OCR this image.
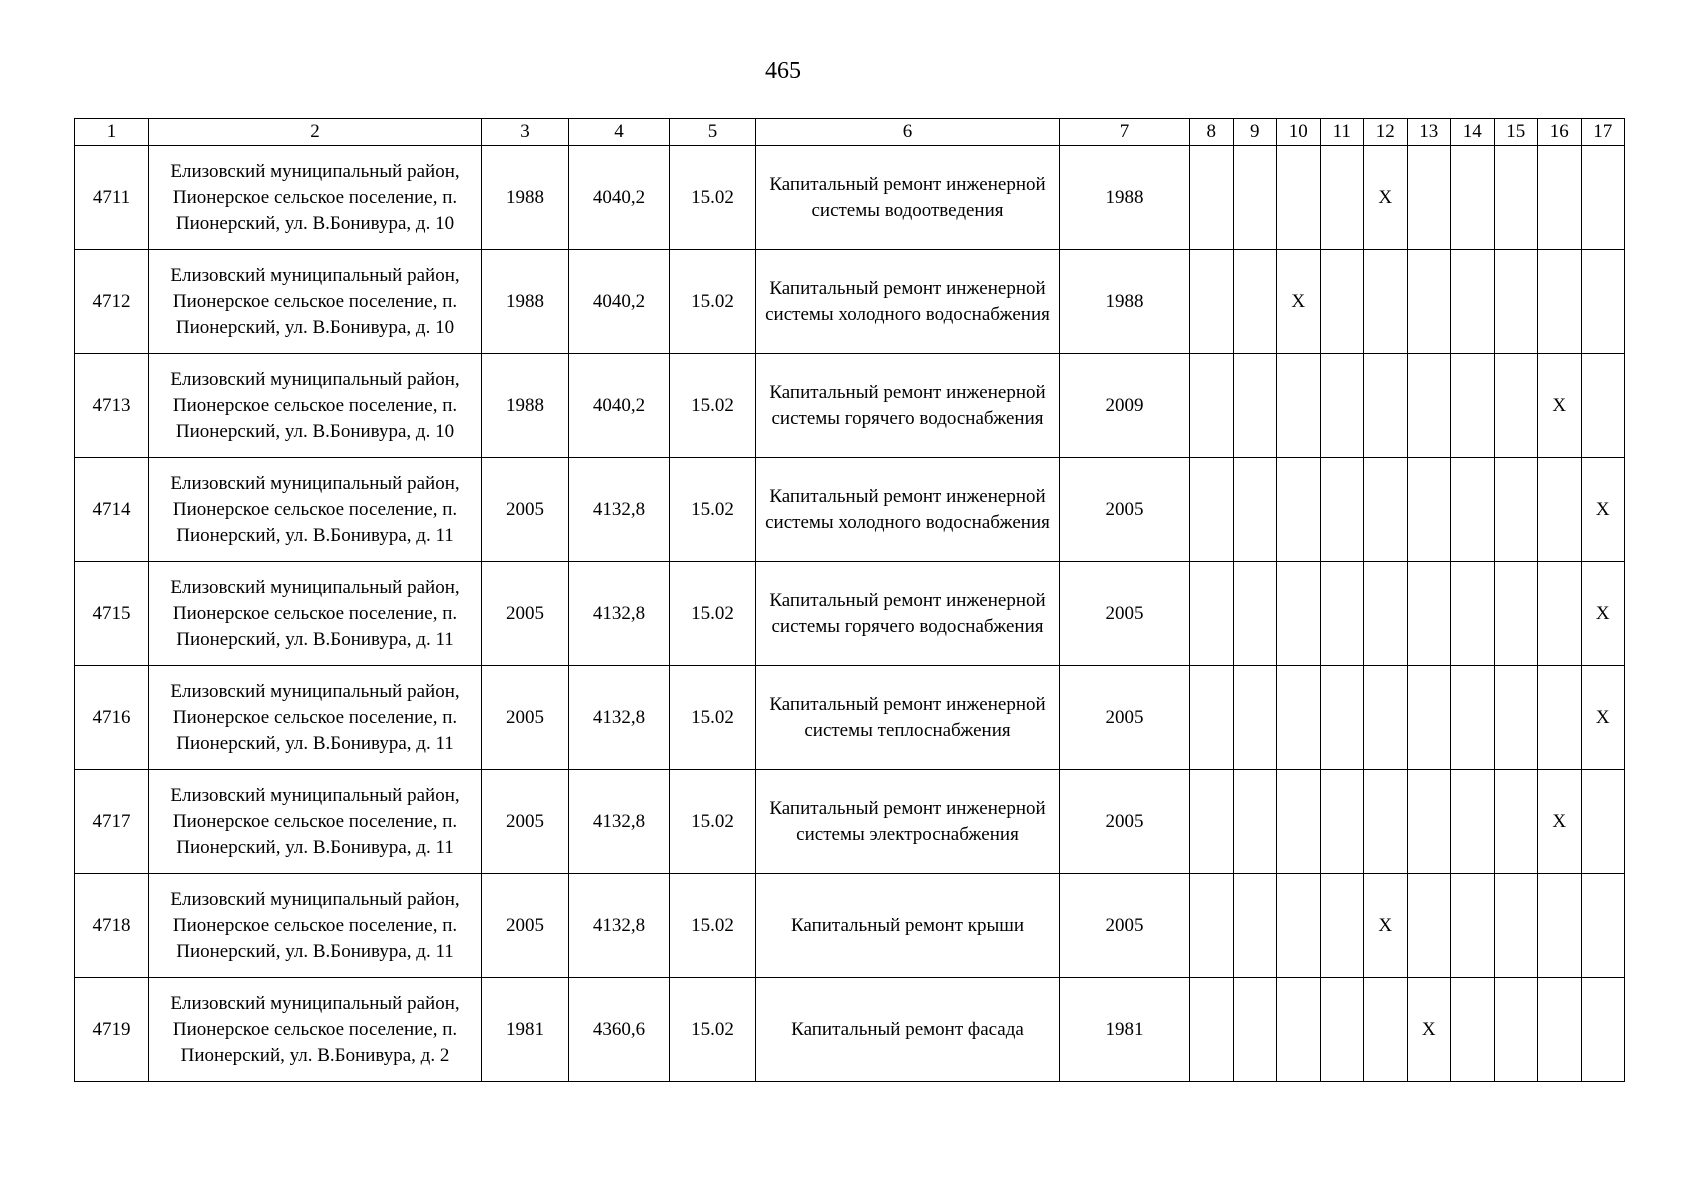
465
1	2	3	4	5	6	7	8	9	10	11	12	13	14	15	16	17
4711	Елизовский муниципальный район, Пионерское сельское поселение, п. Пионерский, ул. В.Бонивура, д. 10	1988	4040,2	15.02	Капитальный ремонт инженерной системы водоотведения	1988					X					
4712	Елизовский муниципальный район, Пионерское сельское поселение, п. Пионерский, ул. В.Бонивура, д. 10	1988	4040,2	15.02	Капитальный ремонт инженерной системы холодного водоснабжения	1988			X							
4713	Елизовский муниципальный район, Пионерское сельское поселение, п. Пионерский, ул. В.Бонивура, д. 10	1988	4040,2	15.02	Капитальный ремонт инженерной системы горячего водоснабжения	2009									X	
4714	Елизовский муниципальный район, Пионерское сельское поселение, п. Пионерский, ул. В.Бонивура, д. 11	2005	4132,8	15.02	Капитальный ремонт инженерной системы холодного водоснабжения	2005										X
4715	Елизовский муниципальный район, Пионерское сельское поселение, п. Пионерский, ул. В.Бонивура, д. 11	2005	4132,8	15.02	Капитальный ремонт инженерной системы горячего водоснабжения	2005										X
4716	Елизовский муниципальный район, Пионерское сельское поселение, п. Пионерский, ул. В.Бонивура, д. 11	2005	4132,8	15.02	Капитальный ремонт инженерной системы теплоснабжения	2005										X
4717	Елизовский муниципальный район, Пионерское сельское поселение, п. Пионерский, ул. В.Бонивура, д. 11	2005	4132,8	15.02	Капитальный ремонт инженерной системы электроснабжения	2005									X	
4718	Елизовский муниципальный район, Пионерское сельское поселение, п. Пионерский, ул. В.Бонивура, д. 11	2005	4132,8	15.02	Капитальный ремонт крыши	2005					X					
4719	Елизовский муниципальный район, Пионерское сельское поселение, п. Пионерский, ул. В.Бонивура, д. 2	1981	4360,6	15.02	Капитальный ремонт фасада	1981						X				
